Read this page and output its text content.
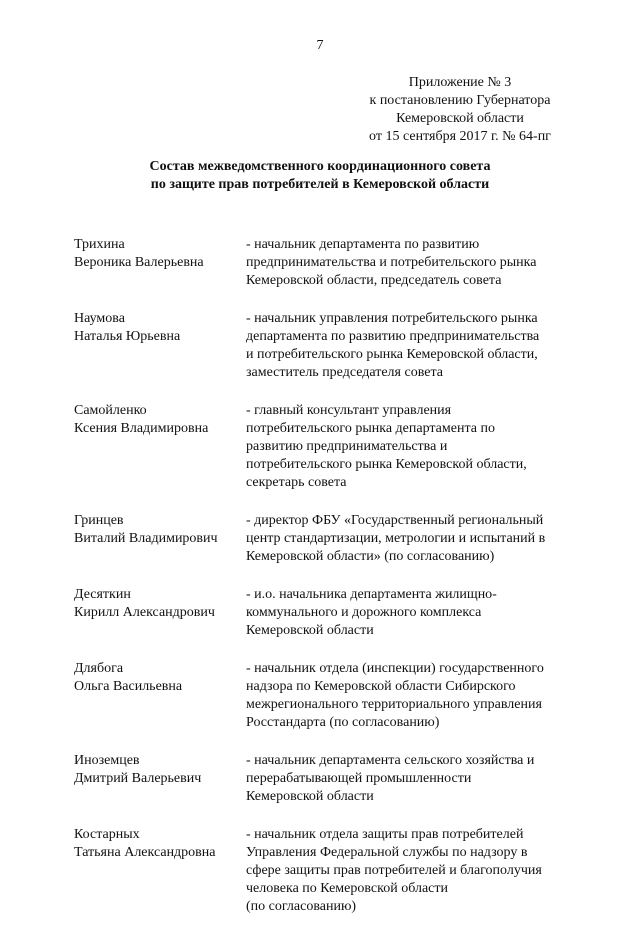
7
Приложение № 3
к постановлению Губернатора
Кемеровской области
от 15 сентября 2017 г. № 64-пг
Состав межведомственного координационного совета
по защите прав потребителей в Кемеровской области
Трихина
Вероника Валерьевна
- начальник департамента по развитию
предпринимательства и потребительского рынка
Кемеровской области, председатель совета
Наумова
Наталья Юрьевна
- начальник управления потребительского рынка
департамента по развитию предпринимательства
и потребительского рынка Кемеровской области,
заместитель председателя совета
Самойленко
Ксения Владимировна
- главный консультант управления
потребительского рынка департамента по
развитию предпринимательства и
потребительского рынка Кемеровской области,
секретарь совета
Гринцев
Виталий Владимирович
- директор ФБУ «Государственный региональный
центр стандартизации, метрологии и испытаний в
Кемеровской области» (по согласованию)
Десяткин
Кирилл Александрович
- и.о. начальника департамента жилищно-
коммунального и дорожного комплекса
Кемеровской области
Длябога
Ольга Васильевна
- начальник отдела (инспекции) государственного
надзора по Кемеровской области Сибирского
межрегионального территориального управления
Росстандарта (по согласованию)
Иноземцев
Дмитрий Валерьевич
- начальник департамента сельского хозяйства и
перерабатывающей промышленности
Кемеровской области
Костарных
Татьяна Александровна
- начальник отдела защиты прав потребителей
Управления Федеральной службы по надзору в
сфере защиты прав потребителей и благополучия
человека по Кемеровской области
(по согласованию)
